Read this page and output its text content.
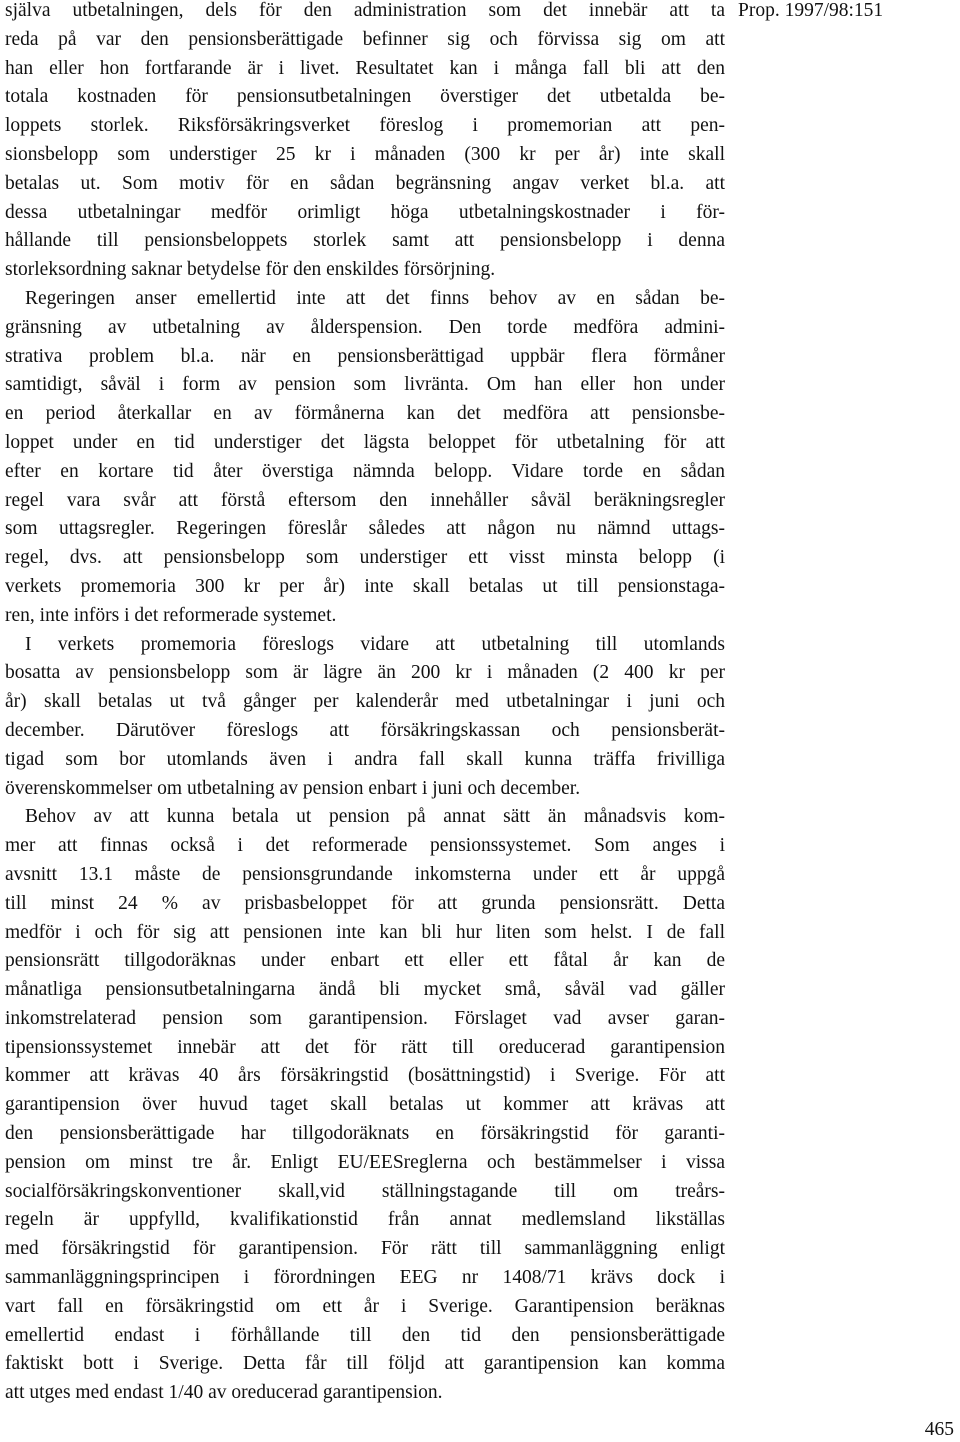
Prop. 1997/98:151
själva utbetalningen, dels för den administration som det innebär att ta
reda på var den pensionsberättigade befinner sig och förvissa sig om att
han eller hon fortfarande är i livet. Resultatet kan i många fall bli att den
totala kostnaden för pensionsutbetalningen överstiger det utbetalda be-
loppets storlek. Riksförsäkringsverket föreslog i promemorian att pen-
sionsbelopp som understiger 25 kr i månaden (300 kr per år) inte skall
betalas ut. Som motiv för en sådan begränsning angav verket bl.a. att
dessa utbetalningar medför orimligt höga utbetalningskostnader i för-
hållande till pensionsbeloppets storlek samt att pensionsbelopp i denna
storleksordning saknar betydelse för den enskildes försörjning.
Regeringen anser emellertid inte att det finns behov av en sådan be-
gränsning av utbetalning av ålderspension. Den torde medföra admini-
strativa problem bl.a. när en pensionsberättigad uppbär flera förmåner
samtidigt, såväl i form av pension som livränta. Om han eller hon under
en period återkallar en av förmånerna kan det medföra att pensionsbe-
loppet under en tid understiger det lägsta beloppet för utbetalning för att
efter en kortare tid åter överstiga nämnda belopp. Vidare torde en sådan
regel vara svår att förstå eftersom den innehåller såväl beräkningsregler
som uttagsregler. Regeringen föreslår således att någon nu nämnd uttags-
regel, dvs. att pensionsbelopp som understiger ett visst minsta belopp (i
verkets promemoria 300 kr per år) inte skall betalas ut till pensionstaga-
ren, inte införs i det reformerade systemet.
I verkets promemoria föreslogs vidare att utbetalning till utomlands
bosatta av pensionsbelopp som är lägre än 200 kr i månaden (2 400 kr per
år) skall betalas ut två gånger per kalenderår med utbetalningar i juni och
december. Därutöver föreslogs att försäkringskassan och pensionsberät-
tigad som bor utomlands även i andra fall skall kunna träffa frivilliga
överenskommelser om utbetalning av pension enbart i juni och december.
Behov av att kunna betala ut pension på annat sätt än månadsvis kom-
mer att finnas också i det reformerade pensionssystemet. Som anges i
avsnitt 13.1 måste de pensionsgrundande inkomsterna under ett år uppgå
till minst 24 % av prisbasbeloppet för att grunda pensionsrätt. Detta
medför i och för sig att pensionen inte kan bli hur liten som helst. I de fall
pensionsrätt tillgodoräknas under enbart ett eller ett fåtal år kan de
månatliga pensionsutbetalningarna ändå bli mycket små, såväl vad gäller
inkomstrelaterad pension som garantipension. Förslaget vad avser garan-
tipensionssystemet innebär att det för rätt till oreducerad garantipension
kommer att krävas 40 års försäkringstid (bosättningstid) i Sverige. För att
garantipension över huvud taget skall betalas ut kommer att krävas att
den pensionsberättigade har tillgodoräknats en försäkringstid för garanti-
pension om minst tre år. Enligt EU/EESreglerna och bestämmelser i vissa
socialförsäkringskonventioner skall,vid ställningstagande till om treårs-
regeln är uppfylld, kvalifikationstid från annat medlemsland likställas
med försäkringstid för garantipension. För rätt till sammanläggning enligt
sammanläggningsprincipen i förordningen EEG nr 1408/71 krävs dock i
vart fall en försäkringstid om ett år i Sverige. Garantipension beräknas
emellertid endast i förhållande till den tid den pensionsberättigade
faktiskt bott i Sverige. Detta får till följd att garantipension kan komma
att utges med endast 1/40 av oreducerad garantipension.
465
